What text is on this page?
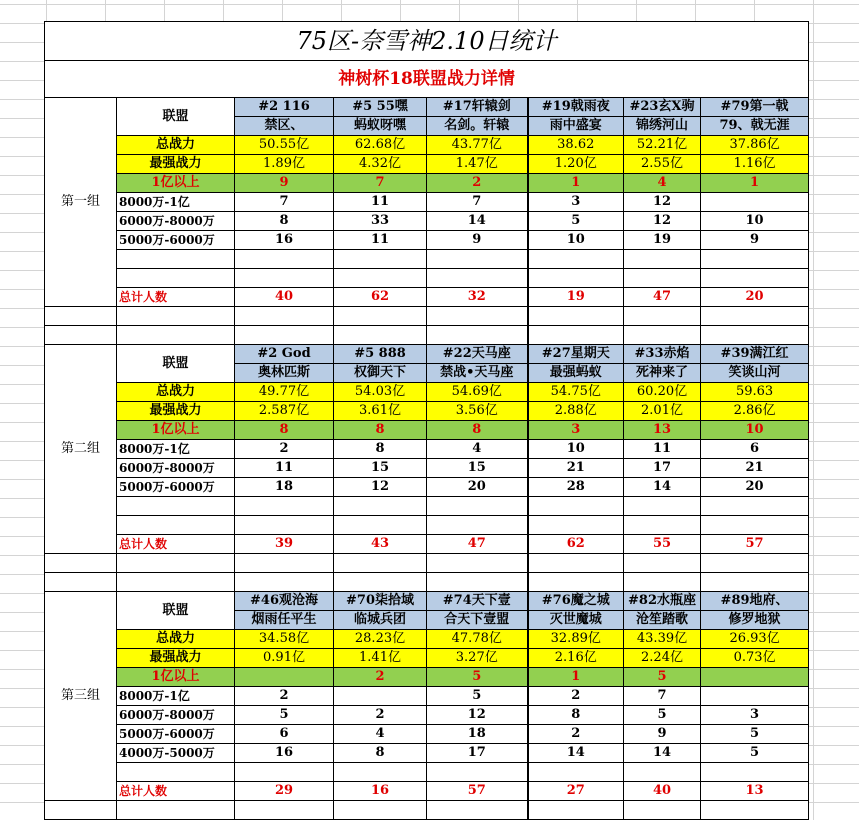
75区-奈雪神2.10日统计							
神树杯18联盟战力详情							
第一组	联盟	#2 116	#5 55嘿	#17轩辕剑	#19戟雨夜	#23玄X驹	#79第一戟
		禁区、	蚂蚁呀嘿	名剑。轩辕	雨中盛宴	锦绣河山	79、戟无涯
	总战力	50.55亿	62.68亿	43.77亿	38.62	52.21亿	37.86亿
	最强战力	1.89亿	4.32亿	1.47亿	1.20亿	2.55亿	1.16亿
	1亿以上	9	7	2	1	4	1
	8000万-1亿	7	11	7	3	12	
	6000万-8000万	8	33	14	5	12	10
	5000万-6000万	16	11	9	10	19	9

	总计人数	40	62	32	19	47	20

第二组	联盟	#2 God	#5 888	#22天马座	#27星期天	#33赤焰	#39满江红
		奥林匹斯	权御天下	禁战•天马座	最强蚂蚁	死神来了	笑谈山河
	总战力	49.77亿	54.03亿	54.69亿	54.75亿	60.20亿	59.63
	最强战力	2.587亿	3.61亿	3.56亿	2.88亿	2.01亿	2.86亿
	1亿以上	8	8	8	3	13	10
	8000万-1亿	2	8	4	10	11	6
	6000万-8000万	11	15	15	21	17	21
	5000万-6000万	18	12	20	28	14	20

	总计人数	39	43	47	62	55	57

第三组	联盟	#46观沧海	#70柒拾域	#74天下壹	#76魔之城	#82水瓶座	#89地府、
		烟雨任平生	临城兵团	合天下壹盟	灭世魔城	沧笙踏歌	修罗地狱
	总战力	34.58亿	28.23亿	47.78亿	32.89亿	43.39亿	26.93亿
	最强战力	0.91亿	1.41亿	3.27亿	2.16亿	2.24亿	0.73亿
	1亿以上		2	5	1	5	
	8000万-1亿	2		5	2	7	
	6000万-8000万	5	2	12	8	5	3
	5000万-6000万	6	4	18	2	9	5
	4000万-5000万	16	8	17	14	14	5

	总计人数	29	16	57	27	40	13
